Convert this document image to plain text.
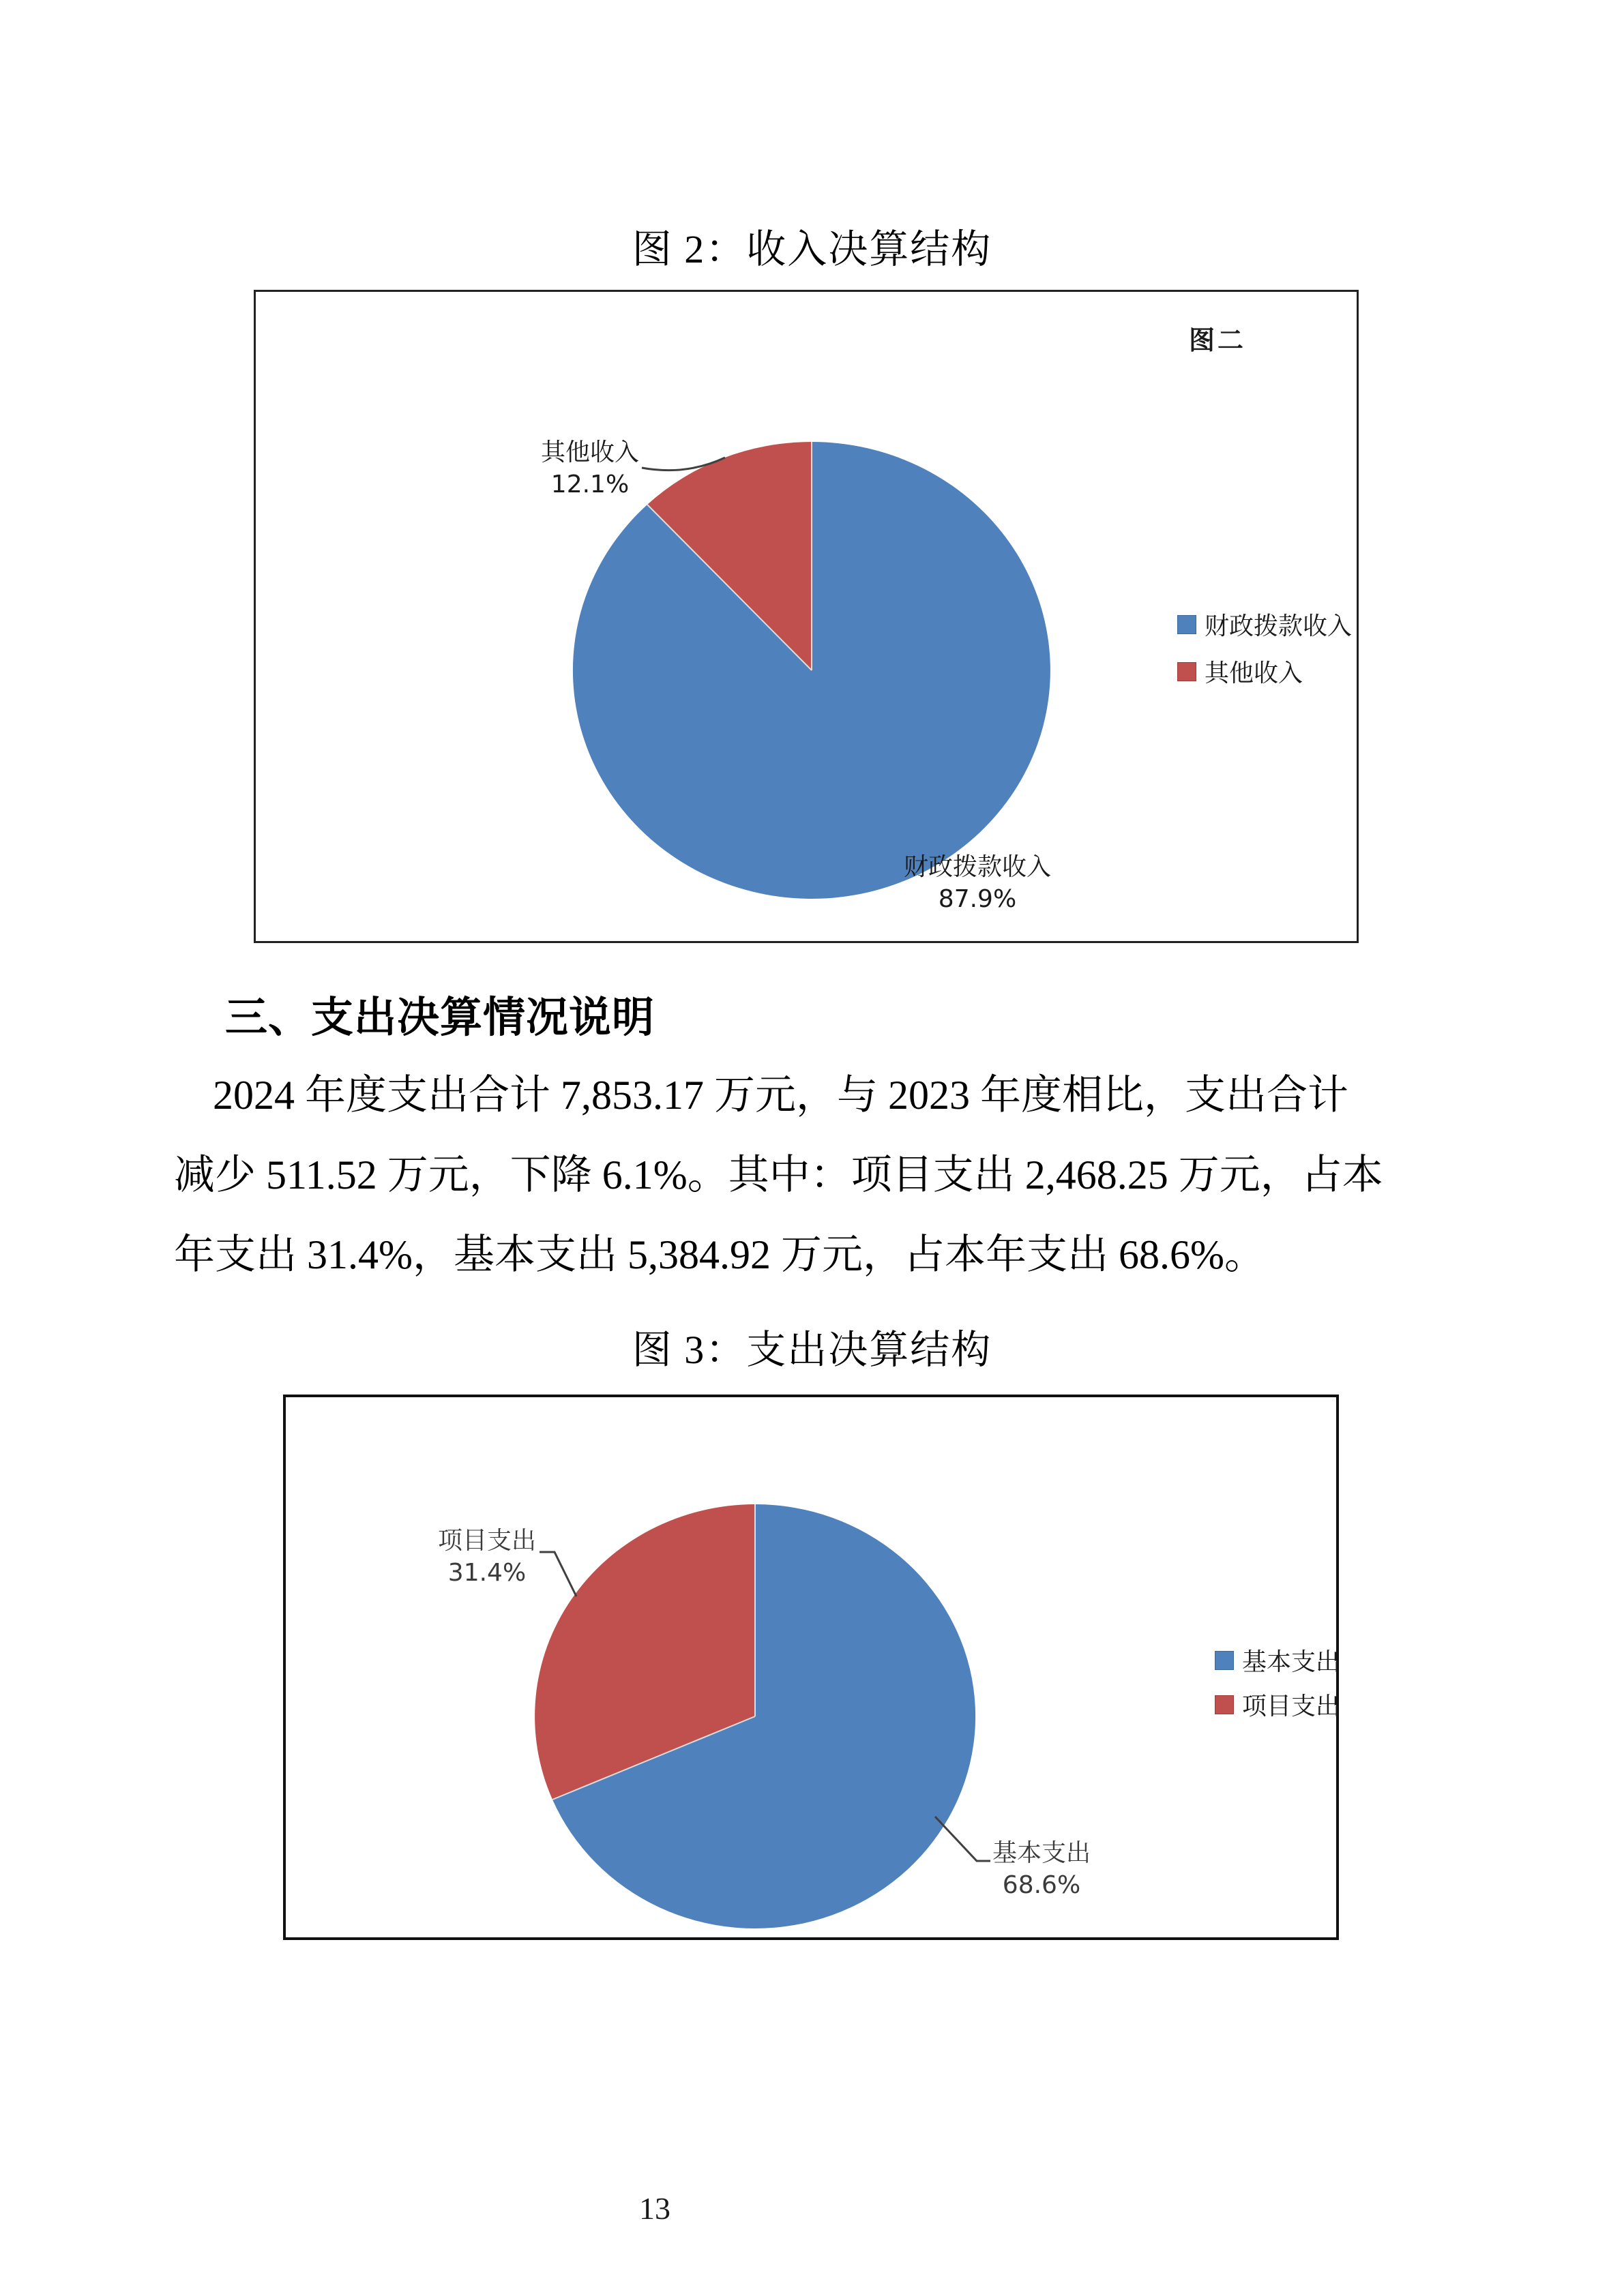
图 2：收入决算结构
图二
其他收入
12.1%
财政拨款收入
87.9%
财政拨款收入
其他收入
三、支出决算情况说明
2024 年度支出合计 7,853.17 万元，与 2023 年度相比，支出合计
减少 511.52 万元，下降 6.1%。其中：项目支出 2,468.25 万元，占本
年支出 31.4%，基本支出 5,384.92 万元，占本年支出 68.6%。
图 3：支出决算结构
项目支出
31.4%
基本支出
68.6%
基本支出
项目支出
13
